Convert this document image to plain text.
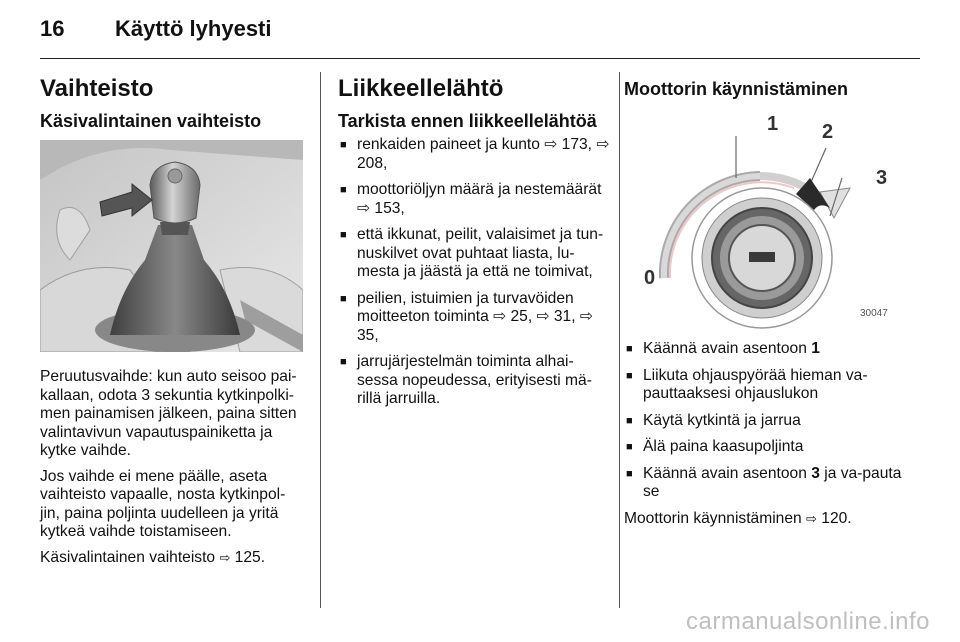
16 Käyttö lyhyesti
Vaihteisto
Käsivalintainen vaihteisto

Peruutusvaihde: kun auto seisoo pai-kallaan, odota 3 sekuntia kytkinpolki-men painamisen jälkeen, paina sitten valintavivun vapautuspainiketta ja kytke vaihde.

Jos vaihde ei mene päälle, aseta vaihteisto vapaalle, nosta kytkinpol-jin, paina poljinta uudelleen ja yritä kytkeä vaihde toistamiseen.

Käsivalintainen vaihteisto ⇨ 125.

Liikkeellelähtö
Tarkista ennen liikkeellelähtöä
■ renkaiden paineet ja kunto ⇨ 173, ⇨ 208,
■ moottoriöljyn määrä ja nestemäärät ⇨ 153,
■ että ikkunat, peilit, valaisimet ja tun-nuskilvet ovat puhtaat liasta, lu-mesta ja jäästä ja että ne toimivat,
■ peilien, istuimien ja turvavöiden moitteeton toiminta ⇨ 25, ⇨ 31, ⇨ 35,
■ jarrujärjestelmän toiminta alhai-sessa nopeudessa, erityisesti mä-rillä jarruilla.
Moottorin käynnistäminen
1 2
3
0
30047
■ Käännä avain asentoon 1
■ Liikuta ohjauspyörää hieman va-pauttaaksesi ohjauslukon
■ Käytä kytkintä ja jarrua
■ Älä paina kaasupoljinta
■ Käännä avain asentoon 3 ja va-pauta se

Moottorin käynnistäminen ⇨ 120.

carmanualsonline.info
